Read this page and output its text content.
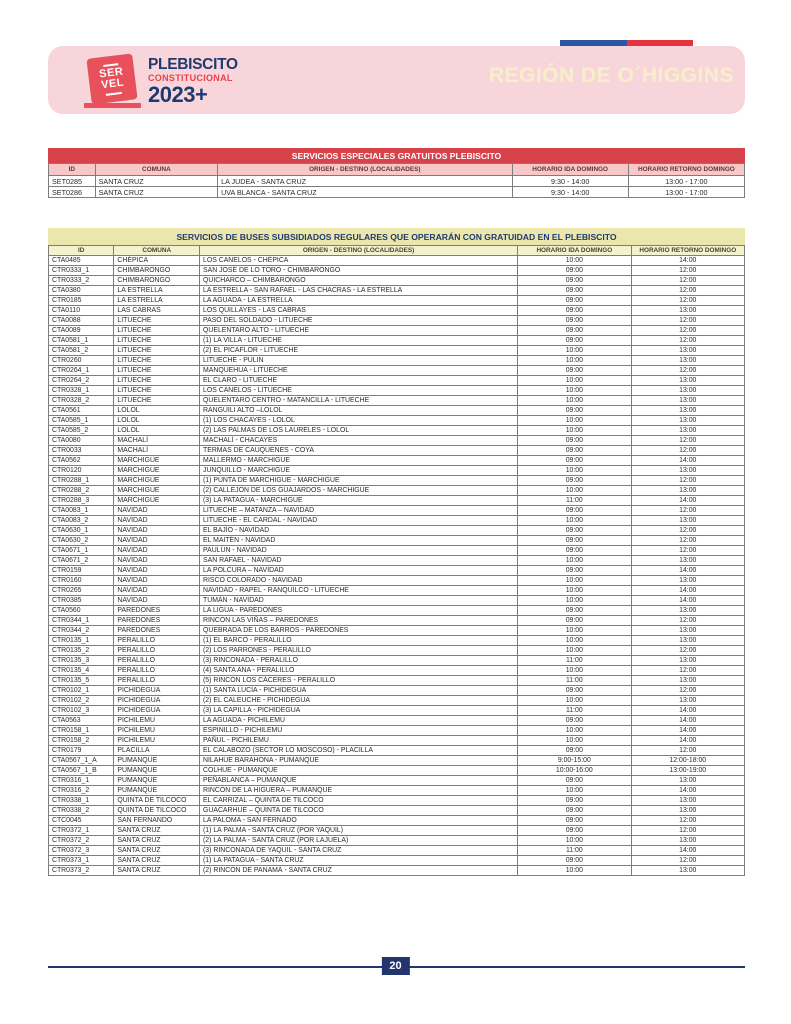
SER
VEL
PLEBISCITO
CONSTITUCIONAL
2023+
REGIÓN DE O´HIGGINS
SERVICIOS ESPECIALES GRATUITOS PLEBISCITO
ID	COMUNA	ORIGEN - DESTINO (LOCALIDADES)	HORARIO IDA DOMINGO	HORARIO RETORNO DOMINGO
SET0285	SANTA CRUZ	LA JUDEA - SANTA CRUZ	9:30 - 14:00	13:00 - 17:00
SET0286	SANTA CRUZ	UVA BLANCA - SANTA CRUZ	9:30 - 14:00	13:00 - 17:00
SERVICIOS DE BUSES SUBSIDIADOS REGULARES QUE OPERARÁN CON GRATUIDAD EN EL PLEBISCITO
ID	COMUNA	ORIGEN - DESTINO (LOCALIDADES)	HORARIO IDA DOMINGO	HORARIO RETORNO DOMINGO
CTA0485	CHÉPICA	LOS CANELOS - CHÉPICA	10:00	14:00
CTR0333_1	CHIMBARONGO	SAN JOSÉ DE LO TORO - CHIMBARONGO	09:00	12:00
CTR0333_2	CHIMBARONGO	QUICHARCO – CHIMBARONGO	09:00	12:00
CTA0380	LA ESTRELLA	LA ESTRELLA - SAN RAFAEL - LAS CHACRAS - LA ESTRELLA	09:00	12:00
CTR0185	LA ESTRELLA	LA AGUADA - LA ESTRELLA	09:00	12:00
CTA0110	LAS CABRAS	LOS QUILLAYES - LAS CABRAS	09:00	13:00
CTA0088	LITUECHE	PASO DEL SOLDADO - LITUECHE	09:00	12:00
CTA0089	LITUECHE	QUELENTARO ALTO - LITUECHE	09:00	12:00
CTA0581_1	LITUECHE	(1) LA VILLA - LITUECHE	09:00	12:00
CTA0581_2	LITUECHE	(2) EL PICAFLOR - LITUECHE	10:00	13:00
CTR0260	LITUECHE	LITUECHE - PULIN	10:00	13:00
CTR0264_1	LITUECHE	MANQUEHUA - LITUECHE	09:00	12:00
CTR0264_2	LITUECHE	EL CLARO - LITUECHE	10:00	13:00
CTR0328_1	LITUECHE	LOS CANELOS - LITUECHE	10:00	13:00
CTR0328_2	LITUECHE	QUELENTARO CENTRO - MATANCILLA - LITUECHE	10:00	13:00
CTA0561	LOLOL	RANGUILI ALTO –LOLOL	09:00	13:00
CTA0585_1	LOLOL	(1) LOS CHACAYES - LOLOL	10:00	13:00
CTA0585_2	LOLOL	(2) LAS PALMAS DE LOS LAURELES - LOLOL	10:00	13:00
CTA0080	MACHALÍ	MACHALÍ - CHACAYES	09:00	12:00
CTR0033	MACHALÍ	TERMAS DE CAUQUENES - COYA	09:00	12:00
CTA0562	MARCHIGÜE	MALLERMO - MARCHIGUE	09:00	14:00
CTR0120	MARCHIGÜE	JUNQUILLO - MARCHIGUE	10:00	13:00
CTR0288_1	MARCHIGÜE	(1) PUNTA DE MARCHIGUE - MARCHIGUE	09:00	12:00
CTR0288_2	MARCHIGÜE	(2) CALLEJÓN DE LOS GUAJARDOS - MARCHIGUE	10:00	13:00
CTR0288_3	MARCHIGÜE	(3) LA PATAGUA - MARCHIGUE	11:00	14:00
CTA0083_1	NAVIDAD	LITUECHE – MATANZA – NAVIDAD	09:00	12:00
CTA0083_2	NAVIDAD	LITUECHE - EL CARDAL - NAVIDAD	10:00	13:00
CTA0630_1	NAVIDAD	EL BAJÍO - NAVIDAD	09:00	12:00
CTA0630_2	NAVIDAD	EL MAITÉN - NAVIDAD	09:00	12:00
CTA0671_1	NAVIDAD	PAULÚN - NAVIDAD	09:00	12:00
CTA0671_2	NAVIDAD	SAN RAFAEL - NAVIDAD	10:00	13:00
CTR0159	NAVIDAD	LA POLCURA – NAVIDAD	09:00	14:00
CTR0160	NAVIDAD	RISCO COLORADO - NAVIDAD	10:00	13:00
CTR0265	NAVIDAD	NAVIDAD - RAPEL - RANQUILCO - LITUECHE	10:00	14:00
CTR0385	NAVIDAD	TUMÁN - NAVIDAD	10:00	14:00
CTA0560	PAREDONES	LA LIGUA - PAREDONES	09:00	13:00
CTR0344_1	PAREDONES	RINCÓN LAS VIÑAS – PAREDONES	09:00	12:00
CTR0344_2	PAREDONES	QUEBRADA DE LOS BARROS - PAREDONES	10:00	13:00
CTR0135_1	PERALILLO	(1) EL BARCO - PERALILLO	10:00	13:00
CTR0135_2	PERALILLO	(2) LOS PARRONES - PERALILLO	10:00	12:00
CTR0135_3	PERALILLO	(3) RINCONADA - PERALILLO	11:00	13:00
CTR0135_4	PERALILLO	(4) SANTA ANA - PERALILLO	10:00	12:00
CTR0135_5	PERALILLO	(5) RINCÓN LOS CÁCERES - PERALILLO	11:00	13:00
CTR0102_1	PICHIDEGUA	(1) SANTA LUCÍA - PICHIDEGUA	09:00	12:00
CTR0102_2	PICHIDEGUA	(2) EL CALEUCHE - PICHIDEGUA	10:00	13:00
CTR0102_3	PICHIDEGUA	(3) LA CAPILLA - PICHIDEGUA	11:00	14:00
CTA0563	PICHILEMU	LA AGUADA - PICHILEMU	09:00	14:00
CTR0158_1	PICHILEMU	ESPINILLO - PICHILEMU	10:00	14:00
CTR0158_2	PICHILEMU	PAÑUL - PICHILEMU	10:00	14:00
CTR0179	PLACILLA	EL CALABOZO (SECTOR LO MOSCOSO) - PLACILLA	09:00	12:00
CTA0567_1_A	PUMANQUE	NILAHUE BARAHONA - PUMANQUE	9:00-15:00	12:00-18:00
CTA0567_1_B	PUMANQUE	COLHUE - PUMANQUE	10:00-16:00	13:00-19:00
CTR0316_1	PUMANQUE	PEÑABLANCA – PUMANQUE	09:00	13:00
CTR0316_2	PUMANQUE	RINCÓN DE LA HIGUERA – PUMANQUE	10:00	14:00
CTR0338_1	QUINTA DE TILCOCO	EL CARRIZAL – QUINTA DE TILCOCO	09:00	13:00
CTR0338_2	QUINTA DE TILCOCO	GUACARHUE – QUINTA DE TILCOCO	09:00	13:00
CTC0045	SAN FERNANDO	LA PALOMA - SAN FERNADO	09:00	12:00
CTR0372_1	SANTA CRUZ	(1) LA PALMA - SANTA CRUZ (POR YAQUIL)	09:00	12:00
CTR0372_2	SANTA CRUZ	(2) LA PALMA - SANTA CRUZ (POR LAJUELA)	10:00	13:00
CTR0372_3	SANTA CRUZ	(3) RINCONADA DE YAQUIL - SANTA CRUZ	11:00	14:00
CTR0373_1	SANTA CRUZ	(1) LA PATAGUA - SANTA CRUZ	09:00	12:00
CTR0373_2	SANTA CRUZ	(2) RINCÓN DE PANAMÁ - SANTA CRUZ	10:00	13:00
20
